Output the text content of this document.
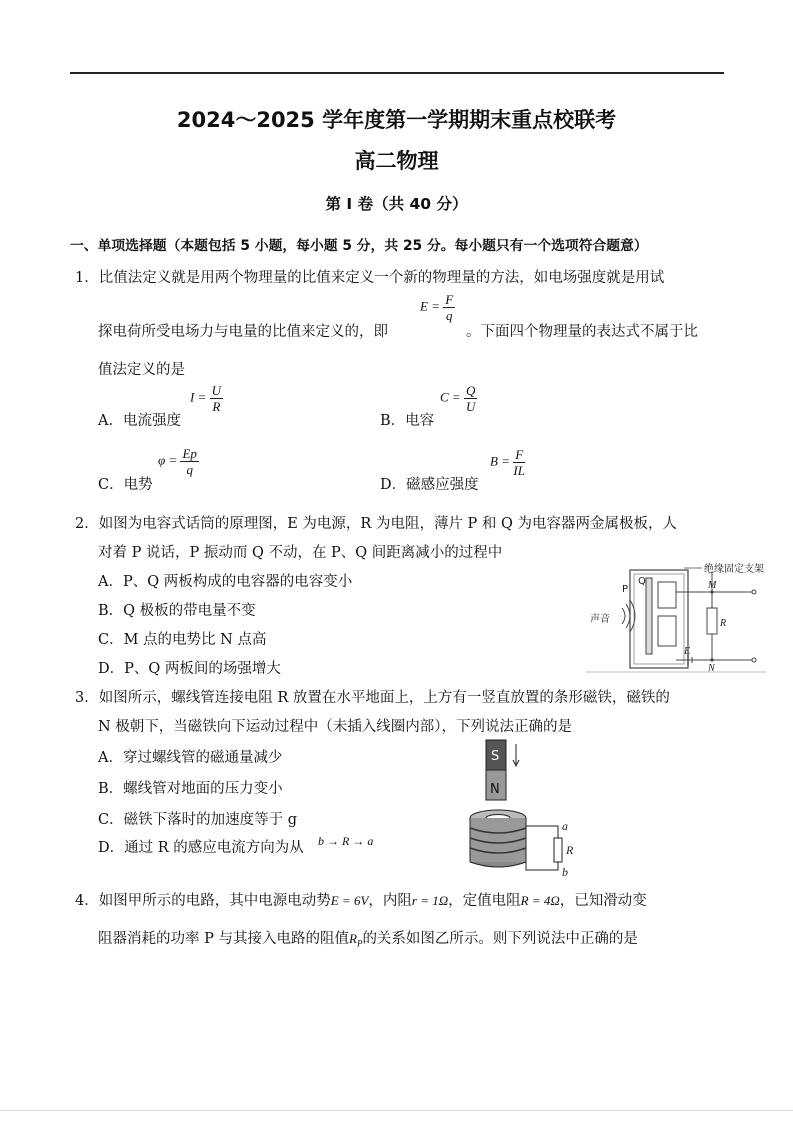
2024～2025 学年度第一学期期末重点校联考
高二物理
第 I 卷（共 40 分）
一、单项选择题（本题包括 5 小题，每小题 5 分，共 25 分。每小题只有一个选项符合题意）
1．比值法定义就是用两个物理量的比值来定义一个新的物理量的方法，如电场强度就是用试
探电荷所受电场力与电量的比值来定义的，即
$E = \frac{F}{q}$
。下面四个物理量的表达式不属于比
值法定义的是
A．电流强度
$I = \frac{U}{R}$
B．电容
$C = \frac{Q}{U}$
C．电势
$\varphi = \frac{Ep}{q}$
D．磁感应强度
$B = \frac{F}{IL}$
2．如图为电容式话筒的原理图，E 为电源，R 为电阻，薄片 P 和 Q 为电容器两金属极板，人
对着 P 说话，P 振动而 Q 不动，在 P、Q 间距离减小的过程中
A．P、Q 两板构成的电容器的电容变小
B．Q 极板的带电量不变
C．M 点的电势比 N 点高
D．P、Q 两板间的场强增大
绝缘固定支架
声音
P
Q	M
N
R
E
3．如图所示，螺线管连接电阻 R 放置在水平地面上，上方有一竖直放置的条形磁铁，磁铁的
N 极朝下，当磁铁向下运动过程中（未插入线圈内部），下列说法正确的是
A．穿过螺线管的磁通量减少
B．螺线管对地面的压力变小
C．磁铁下落时的加速度等于 g
D．通过 R 的感应电流方向为从 b → R → a
S
N
a
b
R
4．如图甲所示的电路，其中电源电动势E = 6V，内阻r = 1Ω，定值电阻R = 4Ω，已知滑动变
阻器消耗的功率 P 与其接入电路的阻值$R_P$的关系如图乙所示。则下列说法中正确的是
